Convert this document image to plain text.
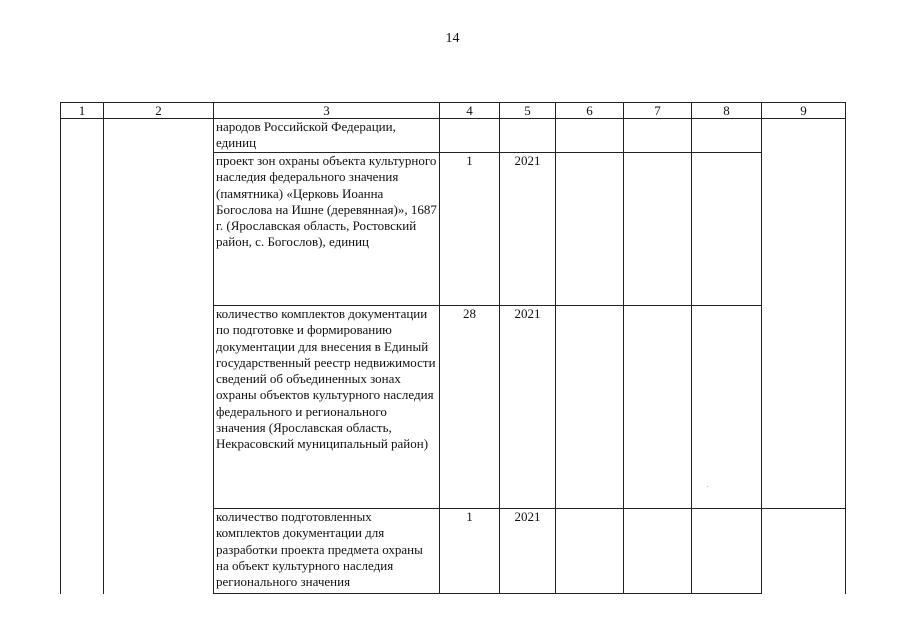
14
1	2	3	4	5	6	7	8	9
		народов Российской Федерации, единиц						
		проект зон охраны объекта культурного наследия федерального значения (памятника) «Церковь Иоанна Богослова на Ишне (деревянная)», 1687 г. (Ярославская область, Ростовский район, с. Богослов), единиц	1	2021				
		количество комплектов документации по подготовке и формированию документации для внесения в Единый государственный реестр недвижимости сведений об объединенных зонах охраны объектов культурного наследия федерального и регионального значения (Ярославская область, Некрасовский муниципальный район)	28	2021				
		количество подготовленных комплектов документации для разработки проекта предмета охраны на объект культурного наследия регионального значения	1	2021				
